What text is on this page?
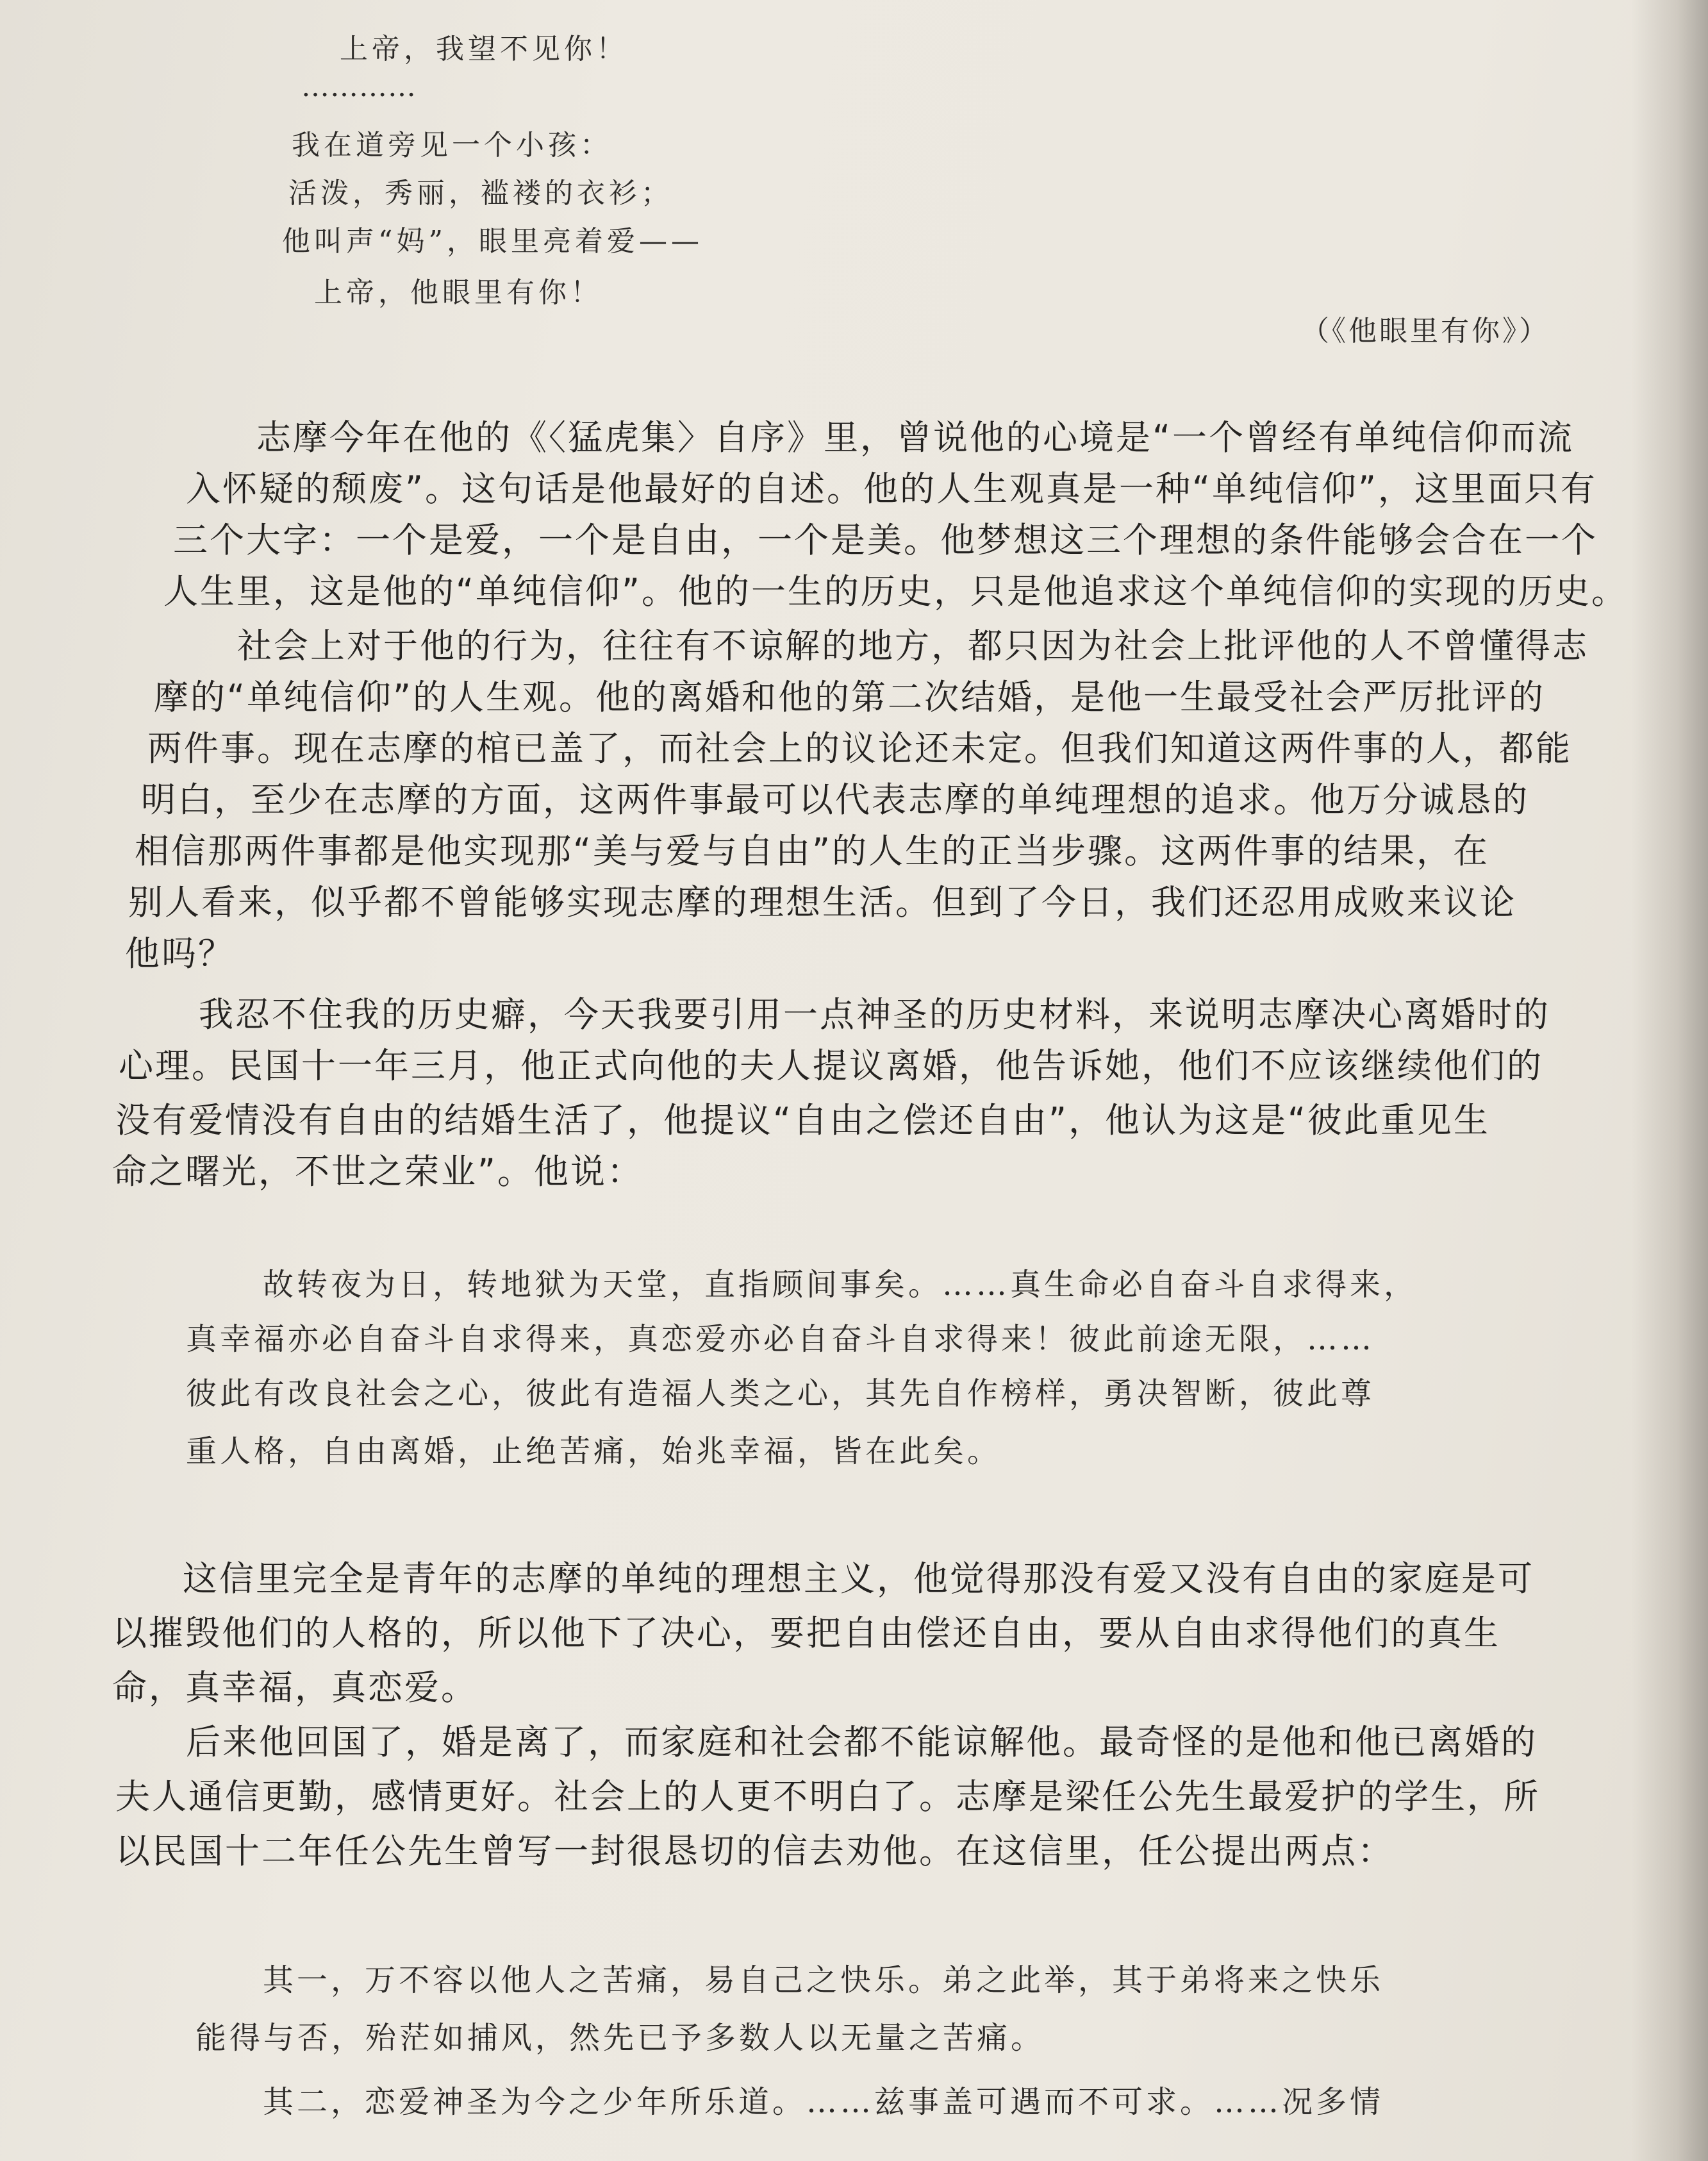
上帝，我望不见你！
…………
我在道旁见一个小孩：
活泼，秀丽，褴褛的衣衫；
他叫声“妈”，眼里亮着爱——
上帝，他眼里有你！
（《他眼里有你》）
志摩今年在他的《〈猛虎集〉自序》里，曾说他的心境是“一个曾经有单纯信仰而流
入怀疑的颓废”。这句话是他最好的自述。他的人生观真是一种“单纯信仰”，这里面只有
三个大字：一个是爱，一个是自由，一个是美。他梦想这三个理想的条件能够会合在一个
人生里，这是他的“单纯信仰”。他的一生的历史，只是他追求这个单纯信仰的实现的历史。
社会上对于他的行为，往往有不谅解的地方，都只因为社会上批评他的人不曾懂得志
摩的“单纯信仰”的人生观。他的离婚和他的第二次结婚，是他一生最受社会严厉批评的
两件事。现在志摩的棺已盖了，而社会上的议论还未定。但我们知道这两件事的人，都能
明白，至少在志摩的方面，这两件事最可以代表志摩的单纯理想的追求。他万分诚恳的
相信那两件事都是他实现那“美与爱与自由”的人生的正当步骤。这两件事的结果，在
别人看来，似乎都不曾能够实现志摩的理想生活。但到了今日，我们还忍用成败来议论
他吗？
我忍不住我的历史癖，今天我要引用一点神圣的历史材料，来说明志摩决心离婚时的
心理。民国十一年三月，他正式向他的夫人提议离婚，他告诉她，他们不应该继续他们的
没有爱情没有自由的结婚生活了，他提议“自由之偿还自由”，他认为这是“彼此重见生
命之曙光，不世之荣业”。他说：
故转夜为日，转地狱为天堂，直指顾间事矣。……真生命必自奋斗自求得来，
真幸福亦必自奋斗自求得来，真恋爱亦必自奋斗自求得来！彼此前途无限，……
彼此有改良社会之心，彼此有造福人类之心，其先自作榜样，勇决智断，彼此尊
重人格，自由离婚，止绝苦痛，始兆幸福，皆在此矣。
这信里完全是青年的志摩的单纯的理想主义，他觉得那没有爱又没有自由的家庭是可
以摧毁他们的人格的，所以他下了决心，要把自由偿还自由，要从自由求得他们的真生
命，真幸福，真恋爱。
后来他回国了，婚是离了，而家庭和社会都不能谅解他。最奇怪的是他和他已离婚的
夫人通信更勤，感情更好。社会上的人更不明白了。志摩是梁任公先生最爱护的学生，所
以民国十二年任公先生曾写一封很恳切的信去劝他。在这信里，任公提出两点：
其一，万不容以他人之苦痛，易自己之快乐。弟之此举，其于弟将来之快乐
能得与否，殆茫如捕风，然先已予多数人以无量之苦痛。
其二，恋爱神圣为今之少年所乐道。……兹事盖可遇而不可求。……况多情
